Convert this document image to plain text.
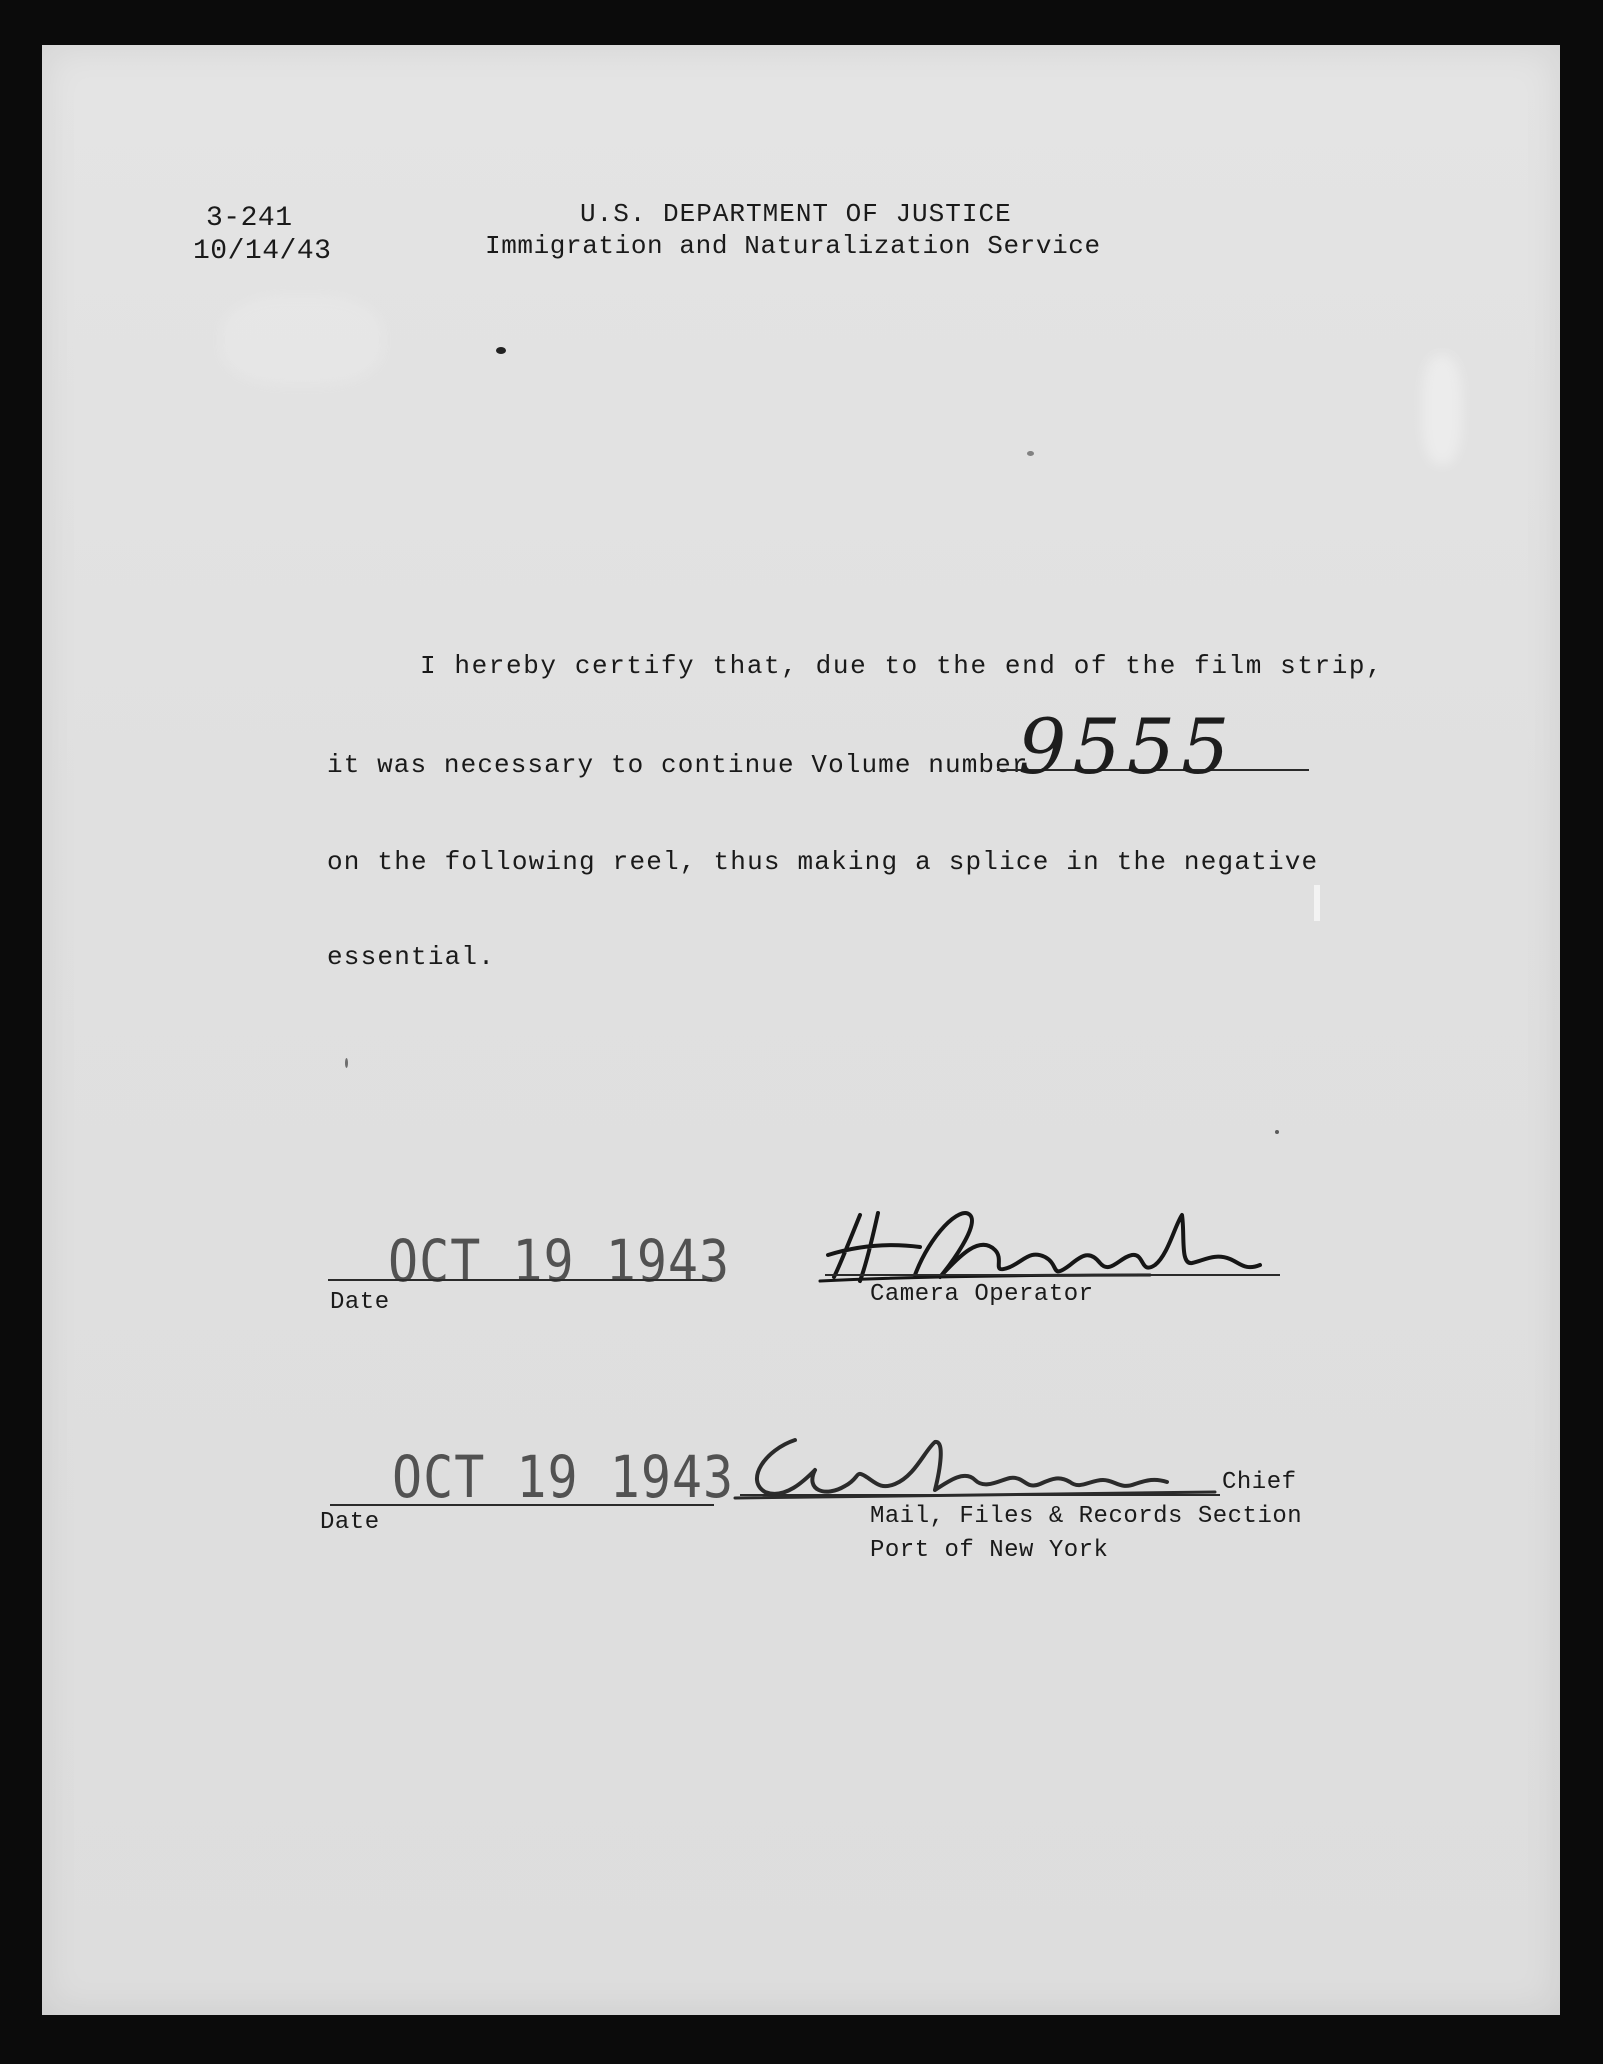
3-241
10/14/43
U.S. DEPARTMENT OF JUSTICE
Immigration and Naturalization Service
I hereby certify that, due to the end of the film strip,
it was necessary to continue Volume number
9555
on the following reel, thus making a splice in the negative
essential.
OCT 19 1943
Date	Camera Operator
OCT 19 1943
Date
Chief
Mail, Files & Records Section
Port of New York
